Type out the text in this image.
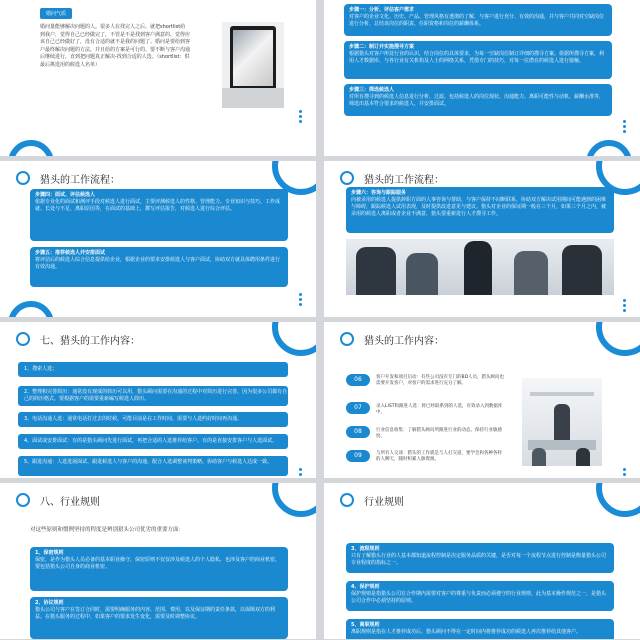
婚问气质
婚问量能够解决问题的人。很多人在找完人之后。就把shortlist给到我户，觉得自己已经做完了，不管是不是找到客户满意的、觉得应该自己已经做好了，没有合适的就不是我的问题了。婚问是要给到客户最终解决问题的方法，并且给的方案是可行的。要不断与客户沟通后继续进行，直到把问题真正解决-找到合适的人选。（shortlist：供最后挑选用的候选人名单）
步骤一：分析、评估客户需求
对客户的企业文化、历史、产品、管理风格有透彻的了解，与客户进行充分、有效的沟通，并与客户共同对空缺岗位进行分析，总结该岗位的职责、任职资格和岗位的薪酬体系。
步骤二：制订并实施搜寻方案
根据猎头对客户所处行业的认识，结合岗位的具体要求，为每一空缺岗位制订详细的搜寻方案。依据所搜寻方案，利用人才数据库、与各行业有关机构及人士的网络关系，凭借专门的技巧，对每一位潜在的候选人进行接触。
步骤三：筛选候选人
对所有搜寻到的候选人信息进行分析、过滤，包括候选人的岗位现状、沟通能力、离职可能性与动机、薪酬水准等，筛选出基本符合要求的候选人，并安排面试。
猎头的工作流程：
步骤四：面试、评估候选人
依据专业化的面试和测评手段对候选人进行面试，主要评测候选人的性格、管理能力、专业知识与技巧、工作成就、长处与不足、离职原因等，在面试的基础上，撰写评估报告，对候选人进行综合评估。
步骤五：推荐候选人并安排面试
将评估后的候选人综合信息提供给企业，根据企业的要求安排候选人与客户面试，协助双方就具体聘用条件进行有效沟通。
猎头的工作流程：
步骤六：咨询与跟踪服务
向被录用的候选人提供辞职方面的人事咨询与帮助，与客户保持不间断联系，协助双方解决试用期间可能遇到的困难与障碍，跟踪候选人试用表现，及时提供改进意见与建议。猎头对企业的保证期一般在三个月，如果三个月之内，被录用的候选人离职或者企业不满意，猎头要重新进行人才搜寻工作。
七、猎头的工作内容：
1、搜索人选；
2、整理和完善简历：通常没有现成的简历可以用，猎头顾问需要在沟通的过程中对简历进行完善，因为很多公司都有自己的简历格式。要根据客户的需要重新编写候选人简历。
3、电话沟通人选：通常电话打过去的时候，可能目前是在工作时间，需要与人选约好时间再沟通。
4、面试或安排面试：有的是猎头顾问先进行面试，再把合适的人选推荐给客户。有的是直接安排客户与人选面试。
5、跟进沟通：人选进展面试、跟进候选人与客户的沟通、配合人选调整谈判策略，协助客户与候选人达成一致。
猎头的工作内容：
06	客户开发和项目启动：有些公司没有专门的BD人员，猎头顾问也需要开发客户，对客户的需求进行充分了解。
07	录入LIST和跟进人选：将已经联系到的人选，有效录入到数据库中。
08	行业信息收集：了解猎头顾问所跟进行业的动态，保持行业敏感度。
09	与所有人交谈：猎头的工作就是与人打交道，要学会和各种各样的人聊天，随时积累人脉资源。
八、行业规则
对这些原则和惯例坚持的程度是辨别猎头公司优劣的重要方面：
1、保密规则
保密，是作为猎头人员必备的基本职业操守，保密原则不仅仅涉及候选人的个人隐私，也涉及客户的商业机密，要包括猎头公司自身的商业机密。
2、协议规则
猎头公司与客户在签订合同时，需要明确服务的内容、范围、费用，以及保证期的责任条款，以保障双方的利益。在猎头服务的过程中，如果客户的要求发生变化，需要及时调整协议。
行业规则
3、流程规则
只有了解猎头行业的人基本都知道流程控制是决定服务品质的关键，是否对每一个流程节点进行控制是衡量猎头公司专业程度的指标之一。
4、保护规则
保护规则是指猎头公司在合作期内需要对客户的尊重与负责而必须遵守的行业规则，此为基本操作规范之一，是猎头公司合作中必须坚持的原则。
5、离职规则
离职规则是指在人才推荐成功后，猎头顾问不得在一定时间内将推荐成功的候选人再次推荐给其他客户。
